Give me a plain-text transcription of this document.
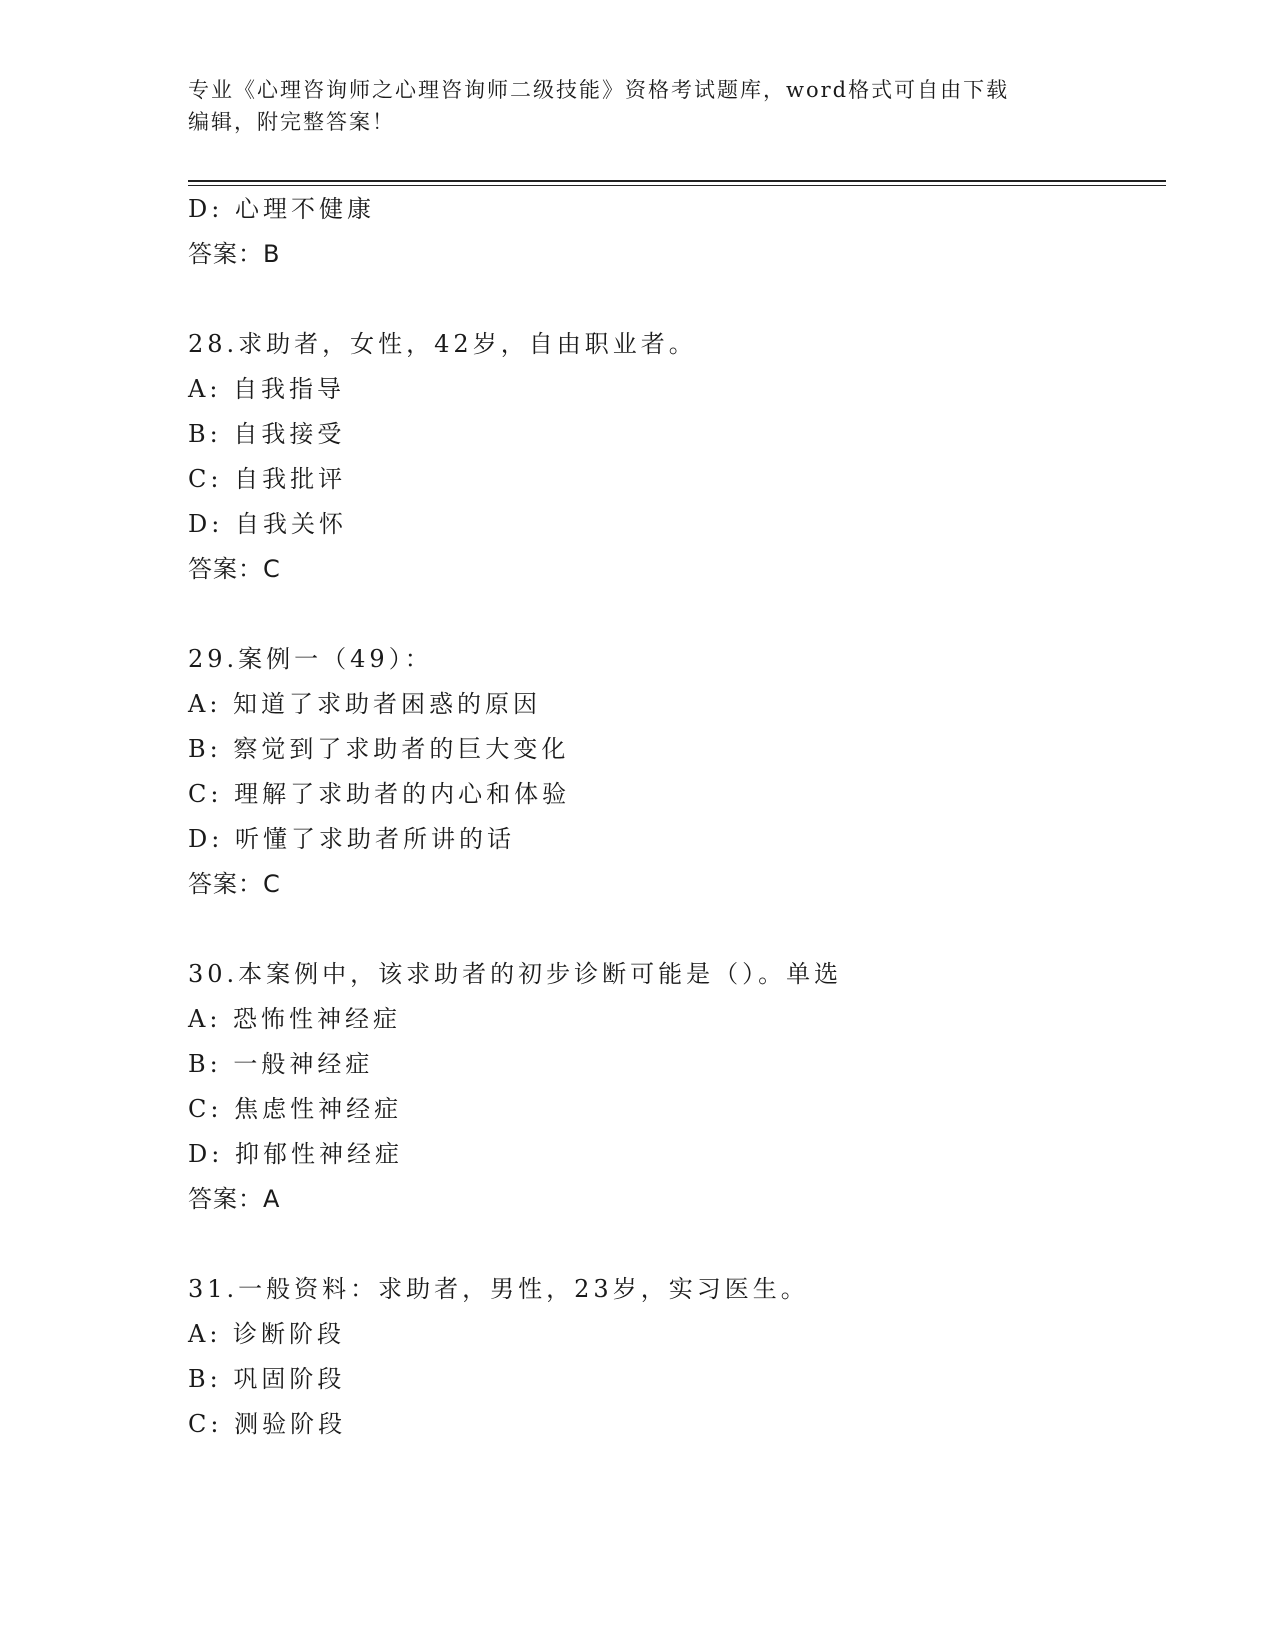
专业《心理咨询师之心理咨询师二级技能》资格考试题库，word格式可自由下载
编辑，附完整答案！
D: 心理不健康
答案：B
28.求助者，女性，42岁，自由职业者。
A: 自我指导
B: 自我接受
C: 自我批评
D: 自我关怀
答案：C
29.案例一（49）：
A: 知道了求助者困惑的原因
B: 察觉到了求助者的巨大变化
C: 理解了求助者的内心和体验
D: 听懂了求助者所讲的话
答案：C
30.本案例中，该求助者的初步诊断可能是（）。单选
A: 恐怖性神经症
B: 一般神经症
C: 焦虑性神经症
D: 抑郁性神经症
答案：A
31.一般资料：求助者，男性，23岁，实习医生。
A: 诊断阶段
B: 巩固阶段
C: 测验阶段
